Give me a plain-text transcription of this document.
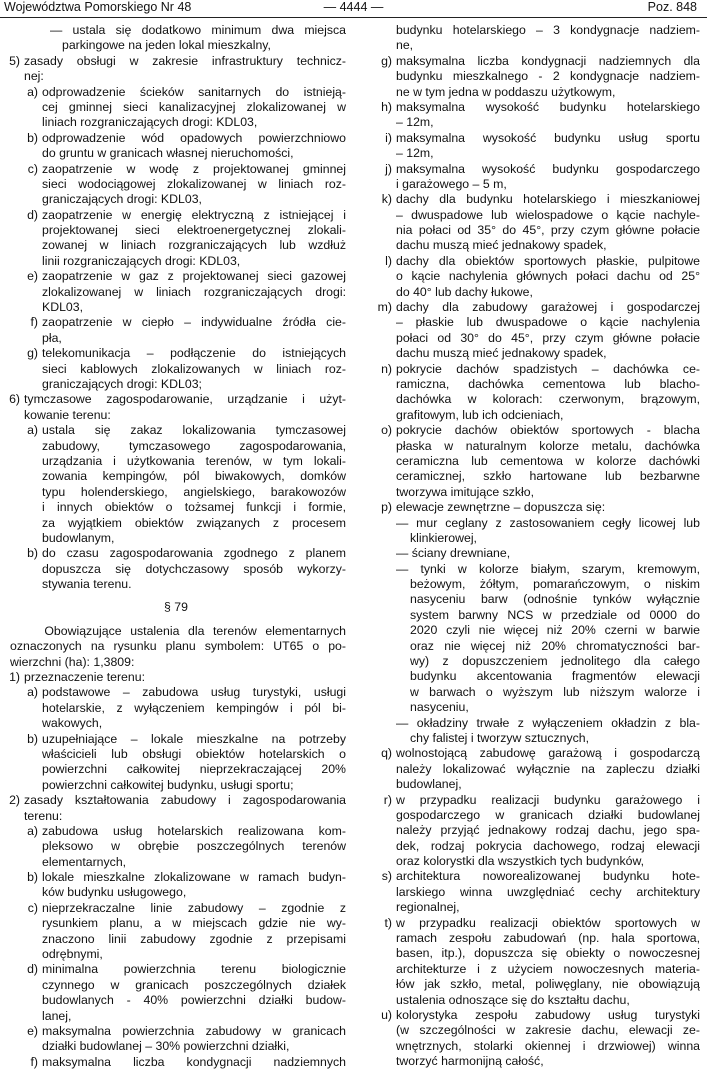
Województwa Pomorskiego Nr 48	— 4444 —	Poz. 848
— ustala się dodatkowo minimum dwa miejsca
parkingowe na jeden lokal mieszkalny,
5) zasady obsługi w zakresie infrastruktury technicz-
nej:
a) odprowadzenie ścieków sanitarnych do istnieją-
cej gminnej sieci kanalizacyjnej zlokalizowanej w
liniach rozgraniczających drogi: KDL03,
b) odprowadzenie wód opadowych powierzchniowo
do gruntu w granicach własnej nieruchomości,
c) zaopatrzenie w wodę z projektowanej gminnej
sieci wodociągowej zlokalizowanej w liniach roz-
graniczających drogi: KDL03,
d) zaopatrzenie w energię elektryczną z istniejącej i
projektowanej sieci elektroenergetycznej zlokali-
zowanej w liniach rozgraniczających lub wzdłuż
linii rozgraniczających drogi: KDL03,
e) zaopatrzenie w gaz z projektowanej sieci gazowej
zlokalizowanej w liniach rozgraniczających drogi:
KDL03,
f) zaopatrzenie w ciepło – indywidualne źródła cie-
pła,
g) telekomunikacja – podłączenie do istniejących
sieci kablowych zlokalizowanych w liniach roz-
graniczających drogi: KDL03;
6) tymczasowe zagospodarowanie, urządzanie i użyt-
kowanie terenu:
a) ustala się zakaz lokalizowania tymczasowej
zabudowy, tymczasowego zagospodarowania,
urządzania i użytkowania terenów, w tym lokali-
zowania kempingów, pól biwakowych, domków
typu holenderskiego, angielskiego, barakowozów
i innych obiektów o tożsamej funkcji i formie,
za wyjątkiem obiektów związanych z procesem
budowlanym,
b) do czasu zagospodarowania zgodnego z planem
dopuszcza się dotychczasowy sposób wykorzy-
stywania terenu.
§ 79
Obowiązujące ustalenia dla terenów elementarnych
oznaczonych na rysunku planu symbolem: UT65 o po-
wierzchni (ha): 1,3809:
1) przeznaczenie terenu:
a) podstawowe – zabudowa usług turystyki, usługi
hotelarskie, z wyłączeniem kempingów i pól bi-
wakowych,
b) uzupełniające – lokale mieszkalne na potrzeby
właścicieli lub obsługi obiektów hotelarskich o
powierzchni całkowitej nieprzekraczającej 20%
powierzchni całkowitej budynku, usługi sportu;
2) zasady kształtowania zabudowy i zagospodarowania
terenu:
a) zabudowa usług hotelarskich realizowana kom-
pleksowo w obrębie poszczególnych terenów
elementarnych,
b) lokale mieszkalne zlokalizowane w ramach budyn-
ków budynku usługowego,
c) nieprzekraczalne linie zabudowy – zgodnie z
rysunkiem planu, a w miejscach gdzie nie wy-
znaczono linii zabudowy zgodnie z przepisami
odrębnymi,
d) minimalna powierzchnia terenu biologicznie
czynnego w granicach poszczególnych działek
budowlanych - 40% powierzchni działki budow-
lanej,
e) maksymalna powierzchnia zabudowy w granicach
działki budowlanej – 30% powierzchni działki,
f) maksymalna liczba kondygnacji nadziemnych
budynku hotelarskiego – 3 kondygnacje nadziem-
ne,
g) maksymalna liczba kondygnacji nadziemnych dla
budynku mieszkalnego - 2 kondygnacje nadziem-
ne w tym jedna w poddaszu użytkowym,
h) maksymalna wysokość budynku hotelarskiego
– 12m,
i) maksymalna wysokość budynku usług sportu
– 12m,
j) maksymalna wysokość budynku gospodarczego
i garażowego – 5 m,
k) dachy dla budynku hotelarskiego i mieszkaniowej
– dwuspadowe lub wielospadowe o kącie nachyle-
nia połaci od 35° do 45°, przy czym główne połacie
dachu muszą mieć jednakowy spadek,
l) dachy dla obiektów sportowych płaskie, pulpitowe
o kącie nachylenia głównych połaci dachu od 25°
do 40° lub dachy łukowe,
m) dachy dla zabudowy garażowej i gospodarczej
– płaskie lub dwuspadowe o kącie nachylenia
połaci od 30° do 45°, przy czym główne połacie
dachu muszą mieć jednakowy spadek,
n) pokrycie dachów spadzistych – dachówka ce-
ramiczna, dachówka cementowa lub blacho-
dachówka w kolorach: czerwonym, brązowym,
grafitowym, lub ich odcieniach,
o) pokrycie dachów obiektów sportowych - blacha
płaska w naturalnym kolorze metalu, dachówka
ceramiczna lub cementowa w kolorze dachówki
ceramicznej, szkło hartowane lub bezbarwne
tworzywa imitujące szkło,
p) elewacje zewnętrzne – dopuszcza się:
— mur ceglany z zastosowaniem cegły licowej lub
klinkierowej,
— ściany drewniane,
— tynki w kolorze białym, szarym, kremowym,
beżowym, żółtym, pomarańczowym, o niskim
nasyceniu barw (odnośnie tynków wyłącznie
system barwny NCS w przedziale od 0000 do
2020 czyli nie więcej niż 20% czerni w barwie
oraz nie więcej niż 20% chromatyczności bar-
wy) z dopuszczeniem jednolitego dla całego
budynku akcentowania fragmentów elewacji
w barwach o wyższym lub niższym walorze i
nasyceniu,
— okładziny trwałe z wyłączeniem okładzin z bla-
chy falistej i tworzyw sztucznych,
q) wolnostojącą zabudowę garażową i gospodarczą
należy lokalizować wyłącznie na zapleczu działki
budowlanej,
r) w przypadku realizacji budynku garażowego i
gospodarczego w granicach działki budowlanej
należy przyjąć jednakowy rodzaj dachu, jego spa-
dek, rodzaj pokrycia dachowego, rodzaj elewacji
oraz kolorystki dla wszystkich tych budynków,
s) architektura noworealizowanej budynku hote-
larskiego winna uwzględniać cechy architektury
regionalnej,
t) w przypadku realizacji obiektów sportowych w
ramach zespołu zabudowań (np. hala sportowa,
basen, itp.), dopuszcza się obiekty o nowoczesnej
architekturze i z użyciem nowoczesnych materia-
łów jak szkło, metal, poliwęglany, nie obowiązują
ustalenia odnoszące się do kształtu dachu,
u) kolorystyka zespołu zabudowy usług turystyki
(w szczególności w zakresie dachu, elewacji ze-
wnętrznych, stolarki okiennej i drzwiowej) winna
tworzyć harmonijną całość,
